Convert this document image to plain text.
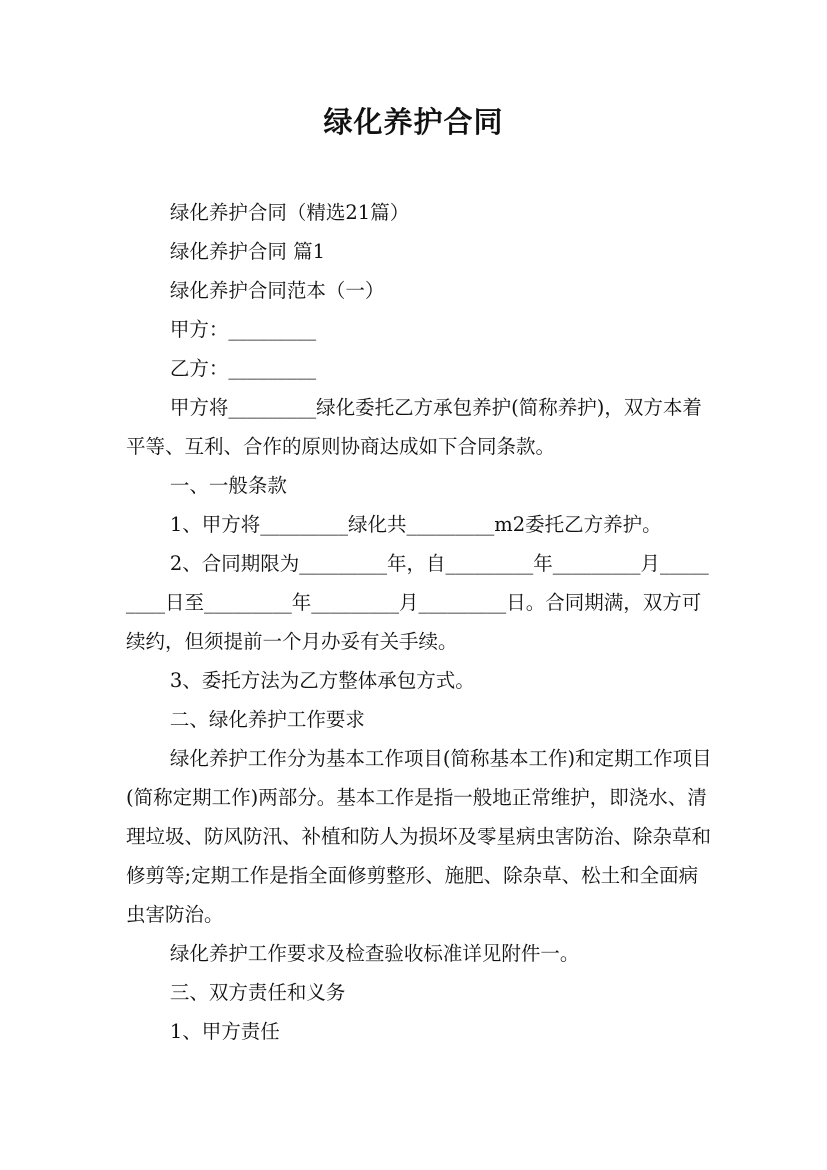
绿化养护合同

绿化养护合同（精选21篇）

绿化养护合同 篇1

绿化养护合同范本（一）

甲方：_________

乙方：_________

甲方将_________绿化委托乙方承包养护(简称养护)，双方本着平等、互利、合作的原则协商达成如下合同条款。

一、一般条款

1、甲方将_________绿化共_________m2委托乙方养护。

2、合同期限为_________年，自_________年_________月_________日至_________年_________月_________日。合同期满，双方可续约，但须提前一个月办妥有关手续。

3、委托方法为乙方整体承包方式。

二、绿化养护工作要求

绿化养护工作分为基本工作项目(简称基本工作)和定期工作项目(简称定期工作)两部分。基本工作是指一般地正常维护，即浇水、清理垃圾、防风防汛、补植和防人为损坏及零星病虫害防治、除杂草和修剪等;定期工作是指全面修剪整形、施肥、除杂草、松土和全面病虫害防治。

绿化养护工作要求及检查验收标准详见附件一。

三、双方责任和义务

1、甲方责任
